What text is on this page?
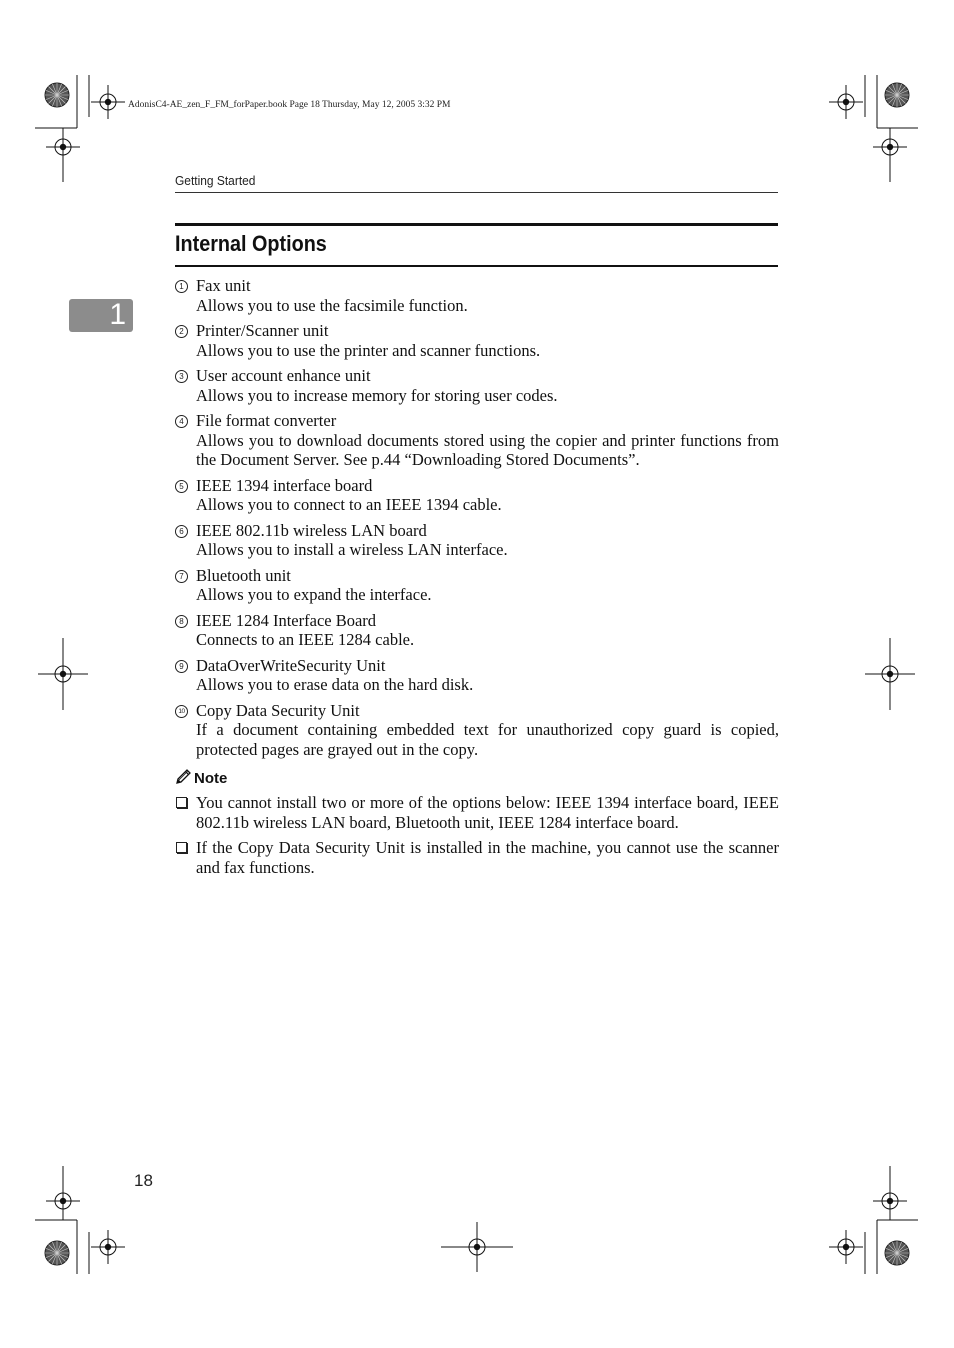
AdonisC4-AE_zen_F_FM_forPaper.book Page 18 Thursday, May 12, 2005 3:32 PM
Getting Started
1
Internal Options
1 Fax unit
Allows you to use the facsimile function.
2 Printer/Scanner unit
Allows you to use the printer and scanner functions.
3 User account enhance unit
Allows you to increase memory for storing user codes.
4 File format converter
Allows you to download documents stored using the copier and printer functions from the Document Server. See p.44 “Downloading Stored Documents”.
5 IEEE 1394 interface board
Allows you to connect to an IEEE 1394 cable.
6 IEEE 802.11b wireless LAN board
Allows you to install a wireless LAN interface.
7 Bluetooth unit
Allows you to expand the interface.
8 IEEE 1284 Interface Board
Connects to an IEEE 1284 cable.
9 DataOverWriteSecurity Unit
Allows you to erase data on the hard disk.
10 Copy Data Security Unit
If a document containing embedded text for unauthorized copy guard is copied, protected pages are grayed out in the copy.
Note
You cannot install two or more of the options below: IEEE 1394 interface board, IEEE 802.11b wireless LAN board, Bluetooth unit, IEEE 1284 interface board.
If the Copy Data Security Unit is installed in the machine, you cannot use the scanner and fax functions.
18
